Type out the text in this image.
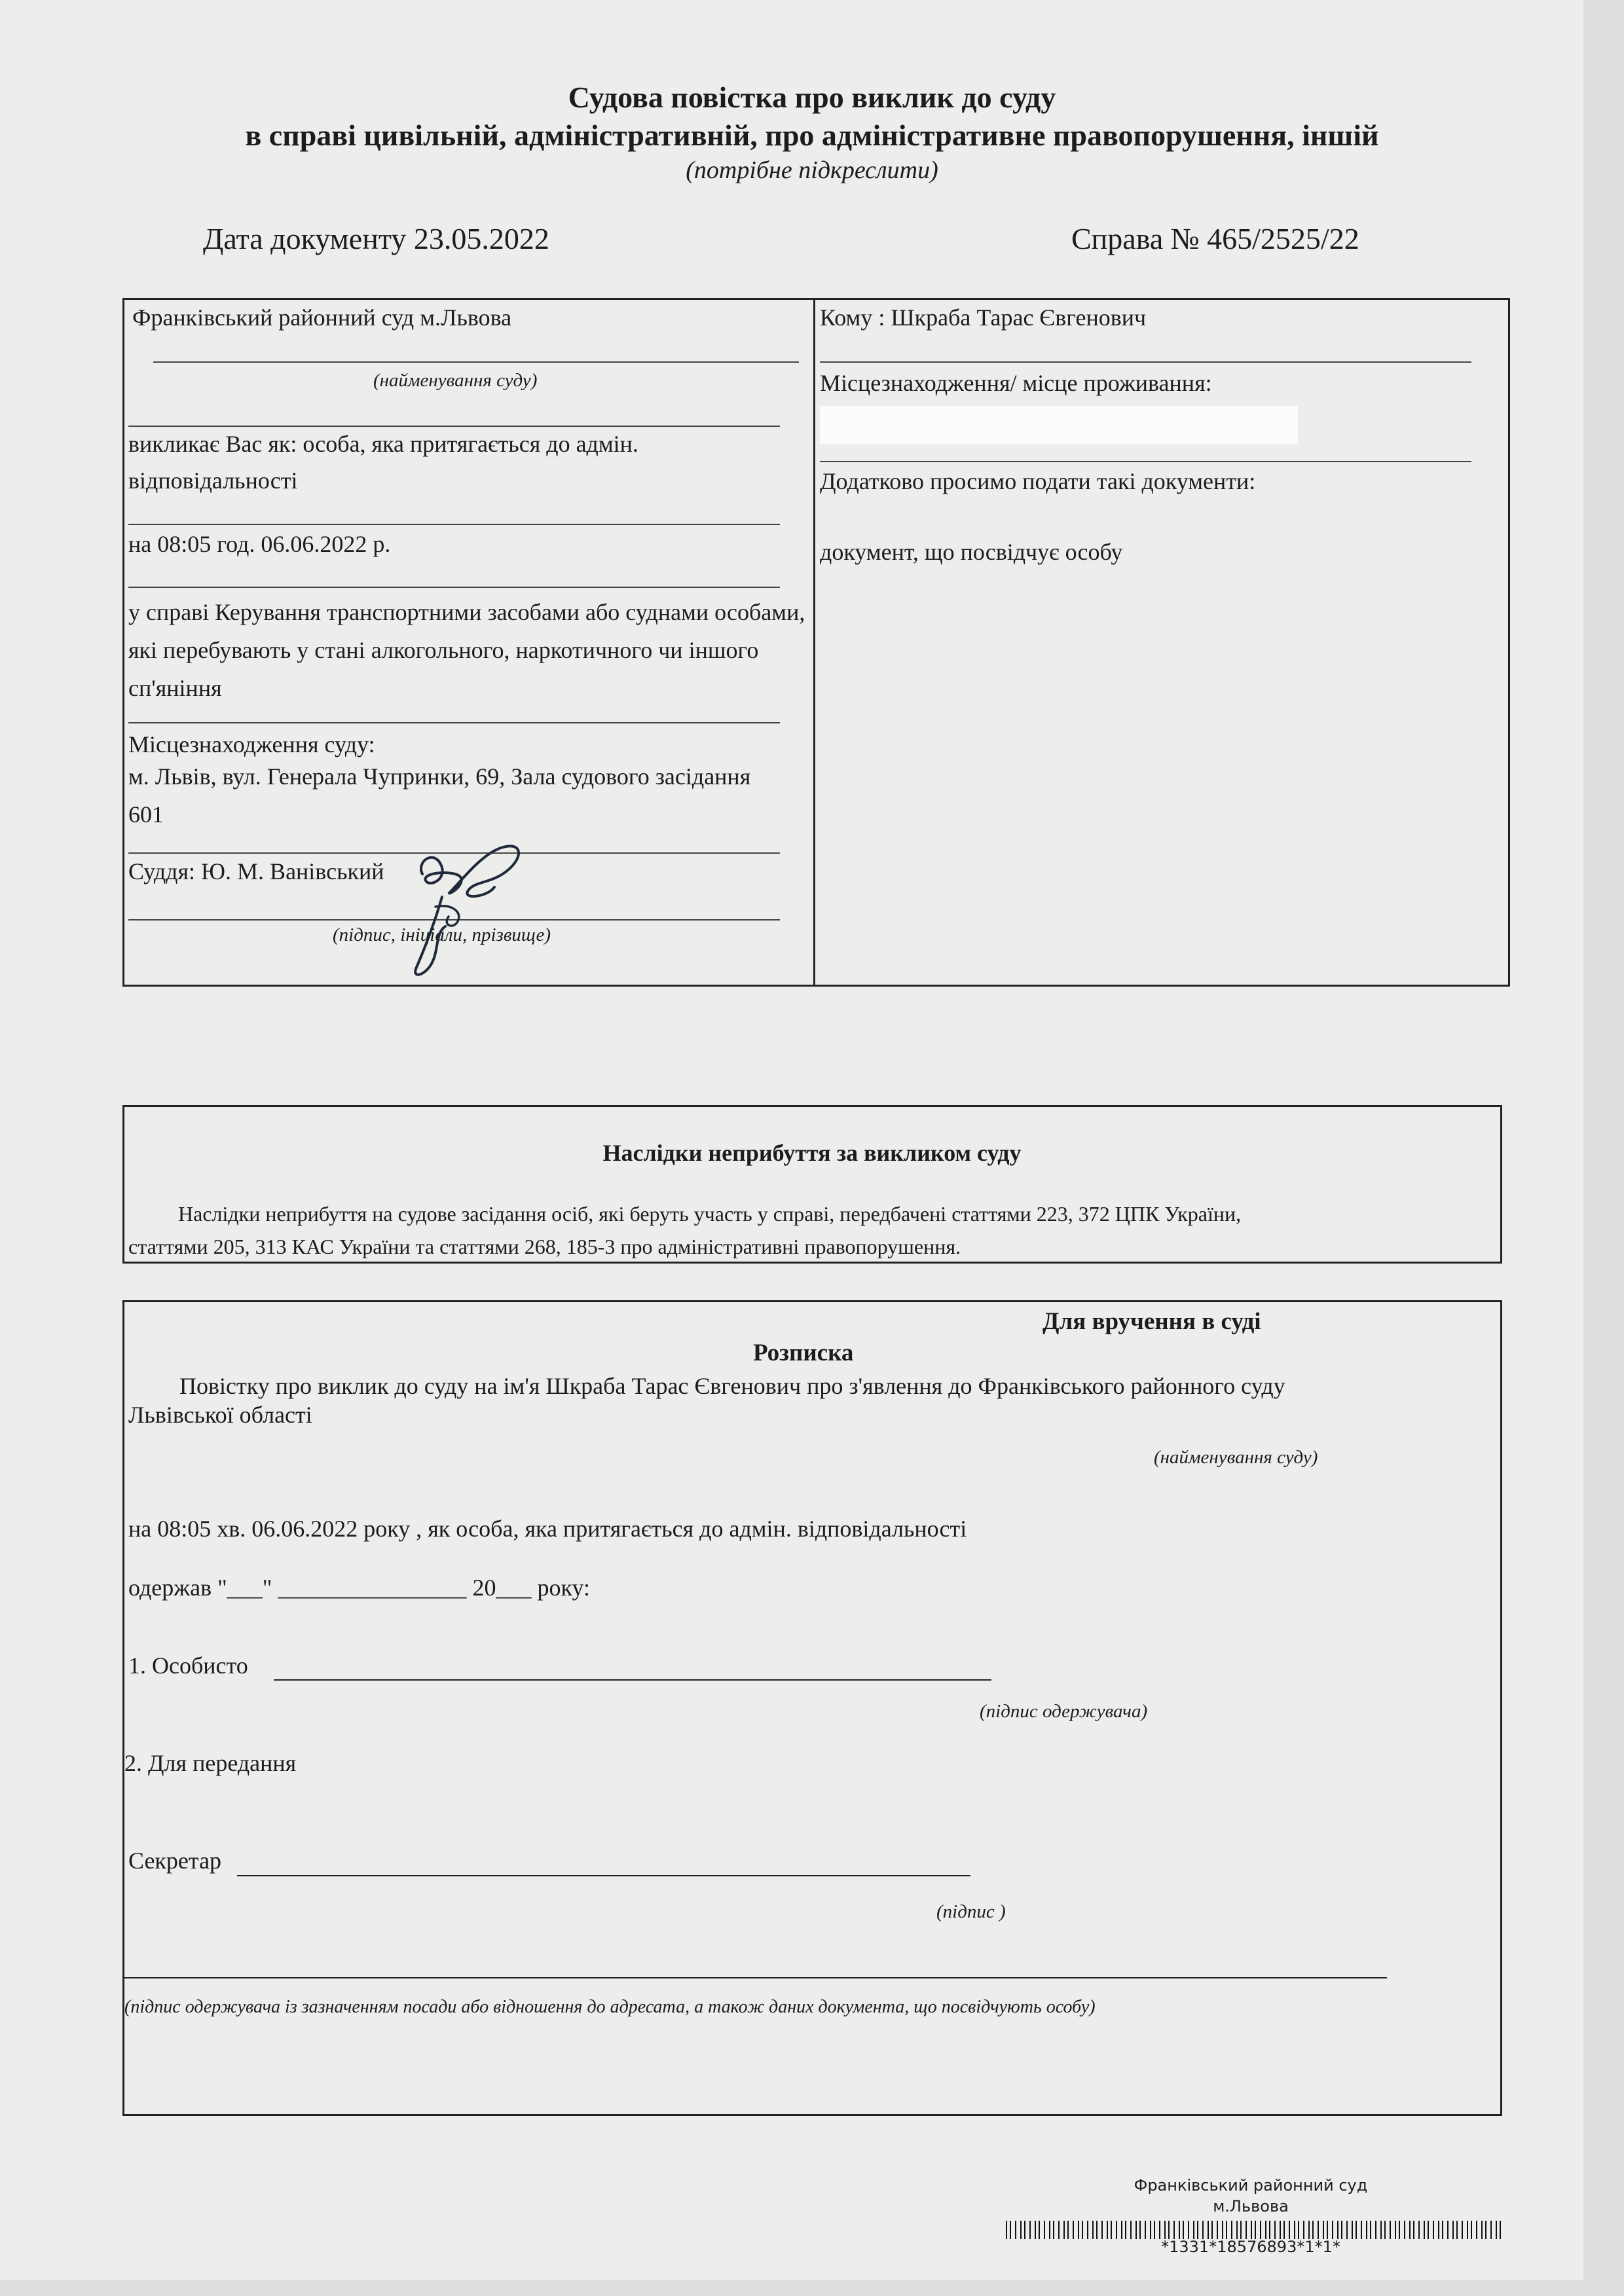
Судова повістка про виклик до суду
в справі цивільній, адміністративній, про адміністративне правопорушення, іншій
(потрібне підкреслити)
Дата документу 23.05.2022	Справа № 465/2525/22
Франківський районний суд м.Львова
(найменування суду)
викликає Вас як: особа, яка притягається до адмін. відповідальності
на 08:05 год. 06.06.2022 р.
у справі Керування транспортними засобами або суднами особами, які перебувають у стані алкогольного, наркотичного чи іншого сп'яніння
Місцезнаходження суду:
м. Львів, вул. Генерала Чупринки, 69, Зала судового засідання 601
Суддя: Ю. М. Ванівський
(підпис, ініціали, прізвище)
Кому : Шкраба Тарас Євгенович
Місцезнаходження/ місце проживання:
Додатково просимо подати такі документи:
документ, що посвідчує особу
Наслідки неприбуття за викликом суду
Наслідки неприбуття на судове засідання осіб, які беруть участь у справі, передбачені статтями 223, 372 ЦПК України,
статтями 205, 313 КАС України та статтями 268, 185-3 про адміністративні правопорушення.
Для вручення в суді
Розписка
Повістку про виклик до суду на ім'я Шкраба Тарас Євгенович про з'явлення до Франківського районного суду
Львівської області
(найменування суду)
на 08:05 хв. 06.06.2022 року , як особа, яка притягається до адмін. відповідальності
одержав "___" ________________ 20___ року:
1. Особисто
(підпис одержувача)
2. Для передання
Секретар
(підпис )
(підпис одержувача із зазначенням посади або відношення до адресата, а також даних документа, що посвідчують особу)
Франківський районний суд
м.Львова
*1331*18576893*1*1*
